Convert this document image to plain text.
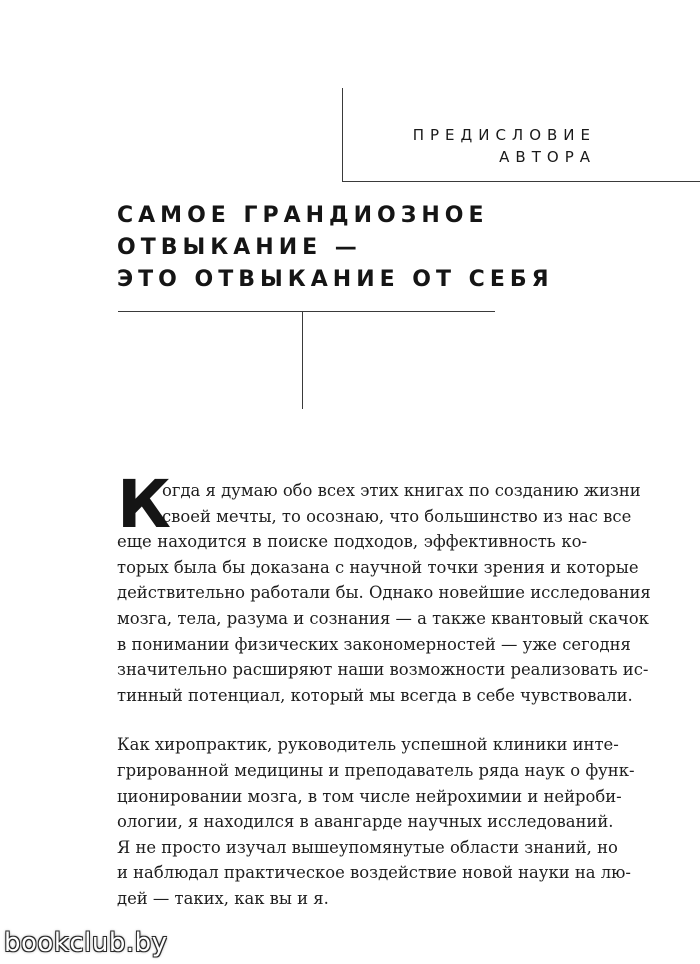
ПРЕДИСЛОВИЕ
АВТОРА
САМОЕ ГРАНДИОЗНОЕ
ОТВЫКАНИЕ —
ЭТО ОТВЫКАНИЕ ОТ СЕБЯ
К
огда я думаю обо всех этих книгах по созданию жизни
своей мечты, то осознаю, что большинство из нас все
еще находится в поиске подходов, эффективность ко-
торых была бы доказана с научной точки зрения и которые
действительно работали бы. Однако новейшие исследования
мозга, тела, разума и сознания — а также квантовый скачок
в понимании физических закономерностей — уже сегодня
значительно расширяют наши возможности реализовать ис-
тинный потенциал, который мы всегда в себе чувствовали.
Как хиропрактик, руководитель успешной клиники инте-
грированной медицины и преподаватель ряда наук о функ-
ционировании мозга, в том числе нейрохимии и нейроби-
ологии, я находился в авангарде научных исследований.
Я не просто изучал вышеупомянутые области знаний, но
и наблюдал практическое воздействие новой науки на лю-
дей — таких, как вы и я.
bookclub.by
